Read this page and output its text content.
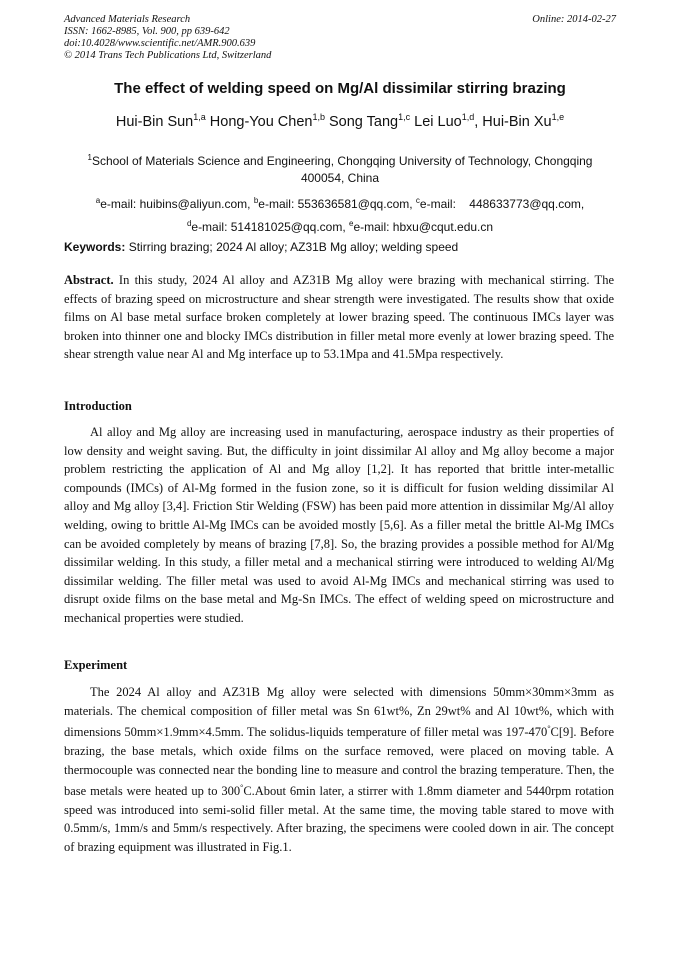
Advanced Materials Research
ISSN: 1662-8985, Vol. 900, pp 639-642
doi:10.4028/www.scientific.net/AMR.900.639
© 2014 Trans Tech Publications Ltd, Switzerland
Online: 2014-02-27
The effect of welding speed on Mg/Al dissimilar stirring brazing
Hui-Bin Sun$^{1,a}$ Hong-You Chen$^{1,b}$ Song Tang$^{1,c}$ Lei Luo$^{1,d}$, Hui-Bin Xu$^{1,e}$
$^1$School of Materials Science and Engineering, Chongqing University of Technology, Chongqing
400054, China
$^a$e-mail: huibins@aliyun.com, $^b$e-mail: 553636581@qq.com, $^c$e-mail:    448633773@qq.com,
$^d$e-mail: 514181025@qq.com, $^e$e-mail: hbxu@cqut.edu.cn
Keywords: Stirring brazing; 2024 Al alloy; AZ31B Mg alloy; welding speed
Abstract. In this study, 2024 Al alloy and AZ31B Mg alloy were brazing with mechanical stirring. The effects of brazing speed on microstructure and shear strength were investigated. The results show that oxide films on Al base metal surface broken completely at lower brazing speed. The continuous IMCs layer was broken into thinner one and blocky IMCs distribution in filler metal more evenly at lower brazing speed. The shear strength value near Al and Mg interface up to 53.1Mpa and 41.5Mpa respectively.
Introduction
Al alloy and Mg alloy are increasing used in manufacturing, aerospace industry as their properties of low density and weight saving. But, the difficulty in joint dissimilar Al alloy and Mg alloy become a major problem restricting the application of Al and Mg alloy [1,2]. It has reported that brittle inter-metallic compounds (IMCs) of Al-Mg formed in the fusion zone, so it is difficult for fusion welding dissimilar Al alloy and Mg alloy [3,4]. Friction Stir Welding (FSW) has been paid more attention in dissimilar Mg/Al alloy welding, owing to brittle Al-Mg IMCs can be avoided mostly [5,6]. As a filler metal the brittle Al-Mg IMCs can be avoided completely by means of brazing [7,8]. So, the brazing provides a possible method for Al/Mg dissimilar welding. In this study, a filler metal and a mechanical stirring were introduced to welding Al/Mg dissimilar welding. The filler metal was used to avoid Al-Mg IMCs and mechanical stirring was used to disrupt oxide films on the base metal and Mg-Sn IMCs. The effect of welding speed on microstructure and mechanical properties were studied.
Experiment
The 2024 Al alloy and AZ31B Mg alloy were selected with dimensions 50mm×30mm×3mm as materials. The chemical composition of filler metal was Sn 61wt%, Zn 29wt% and Al 10wt%, which with dimensions 50mm×1.9mm×4.5mm. The solidus-liquids temperature of filler metal was 197-470°C[9]. Before brazing, the base metals, which oxide films on the surface removed, were placed on moving table. A thermocouple was connected near the bonding line to measure and control the brazing temperature. Then, the base metals were heated up to 300°C.About 6min later, a stirrer with 1.8mm diameter and 5440rpm rotation speed was introduced into semi-solid filler metal. At the same time, the moving table stared to move with 0.5mm/s, 1mm/s and 5mm/s respectively. After brazing, the specimens were cooled down in air. The concept of brazing equipment was illustrated in Fig.1.
